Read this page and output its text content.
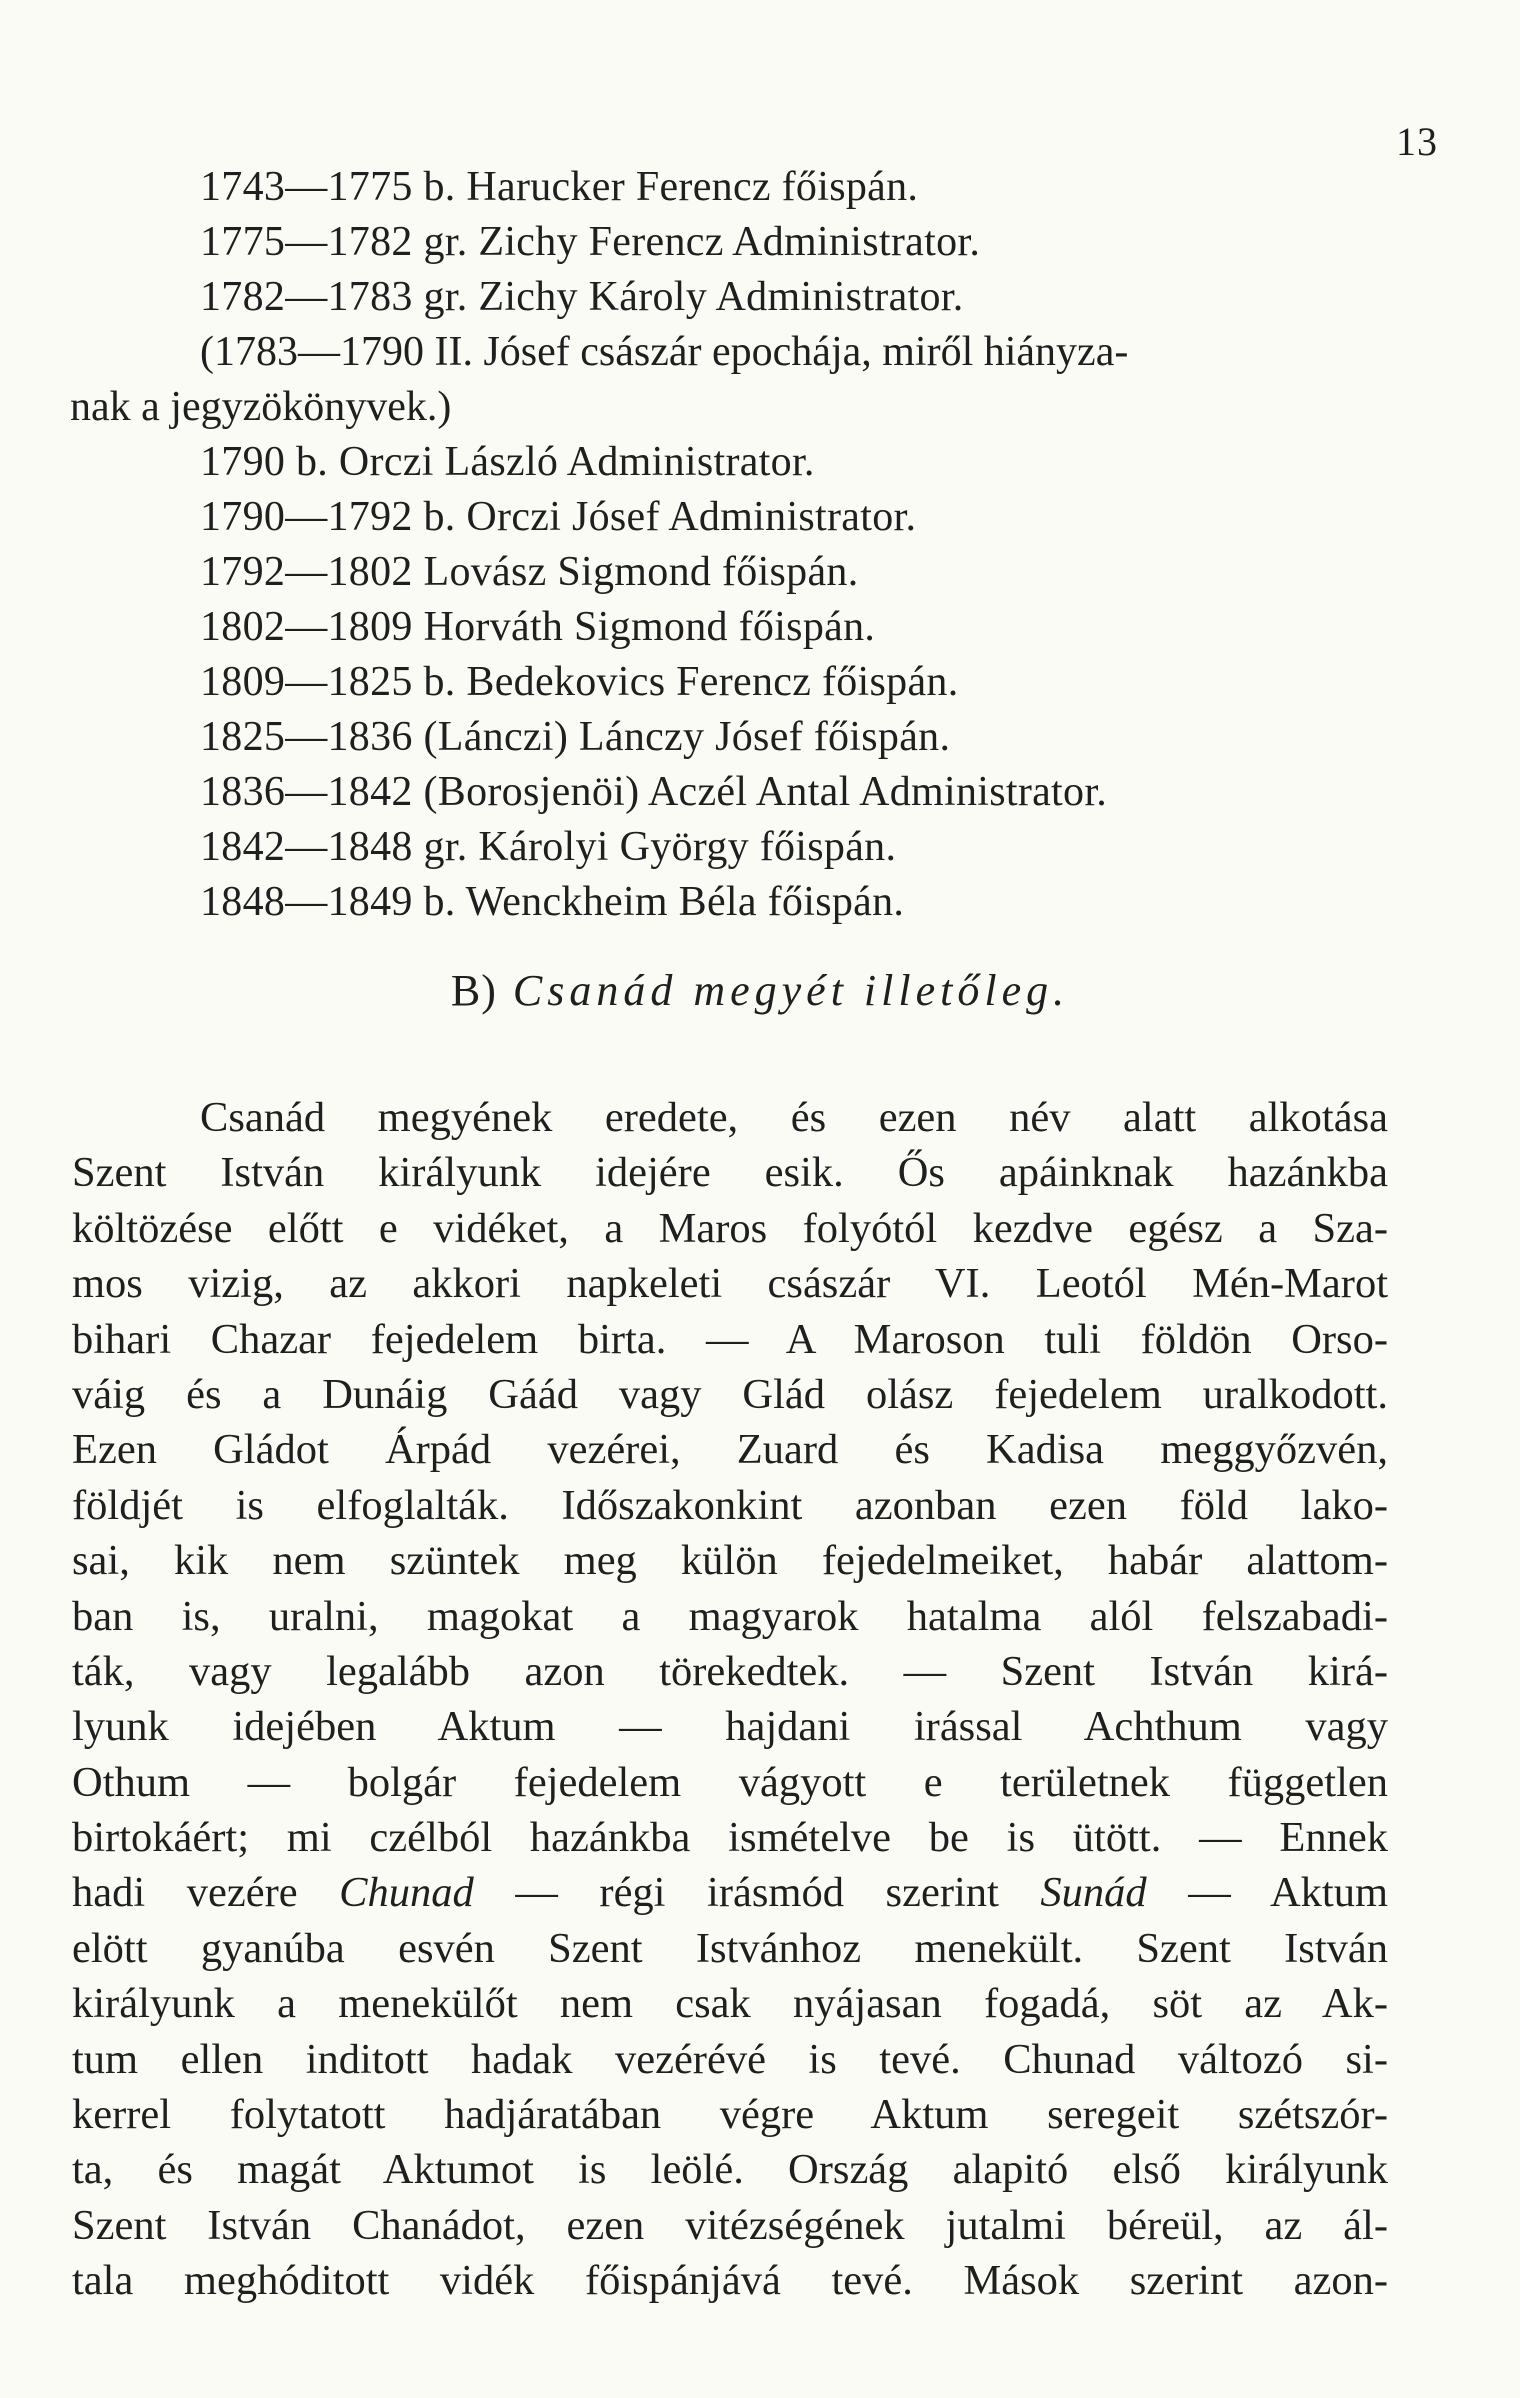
13
1743—1775 b. Harucker Ferencz főispán.
1775—1782 gr. Zichy Ferencz Administrator.
1782—1783 gr. Zichy Károly Administrator.
(1783—1790 II. Jósef császár epochája, miről hiányza-
nak a jegyzökönyvek.)
1790 b. Orczi László Administrator.
1790—1792 b. Orczi Jósef Administrator.
1792—1802 Lovász Sigmond főispán.
1802—1809 Horváth Sigmond főispán.
1809—1825 b. Bedekovics Ferencz főispán.
1825—1836 (Lánczi) Lánczy Jósef főispán.
1836—1842 (Borosjenöi) Aczél Antal Administrator.
1842—1848 gr. Károlyi György főispán.
1848—1849 b. Wenckheim Béla főispán.
B) Csanád megyét illetőleg.
Csanád megyének eredete, és ezen név alatt alkotása
Szent István királyunk idejére esik. Ős apáinknak hazánkba
költözése előtt e vidéket, a Maros folyótól kezdve egész a Sza-
mos vizig, az akkori napkeleti császár VI. Leotól Mén-Marot
bihari Chazar fejedelem birta. — A Maroson tuli földön Orso-
váig és a Dunáig Gáád vagy Glád olász fejedelem uralkodott.
Ezen Gládot Árpád vezérei, Zuard és Kadisa meggyőzvén,
földjét is elfoglalták. Időszakonkint azonban ezen föld lako-
sai, kik nem szüntek meg külön fejedelmeiket, habár alattom-
ban is, uralni, magokat a magyarok hatalma alól felszabadi-
ták, vagy legalább azon törekedtek. — Szent István kirá-
lyunk idejében Aktum — hajdani irással Achthum vagy
Othum — bolgár fejedelem vágyott e területnek független
birtokáért; mi czélból hazánkba ismételve be is ütött. — Ennek
hadi vezére Chunad — régi irásmód szerint Sunád — Aktum
elött gyanúba esvén Szent Istvánhoz menekült. Szent István
királyunk a menekülőt nem csak nyájasan fogadá, söt az Ak-
tum ellen inditott hadak vezérévé is tevé. Chunad változó si-
kerrel folytatott hadjáratában végre Aktum seregeit szétszór-
ta, és magát Aktumot is leölé. Ország alapitó első királyunk
Szent István Chanádot, ezen vitézségének jutalmi béreül, az ál-
tala meghóditott vidék főispánjává tevé. Mások szerint azon-
